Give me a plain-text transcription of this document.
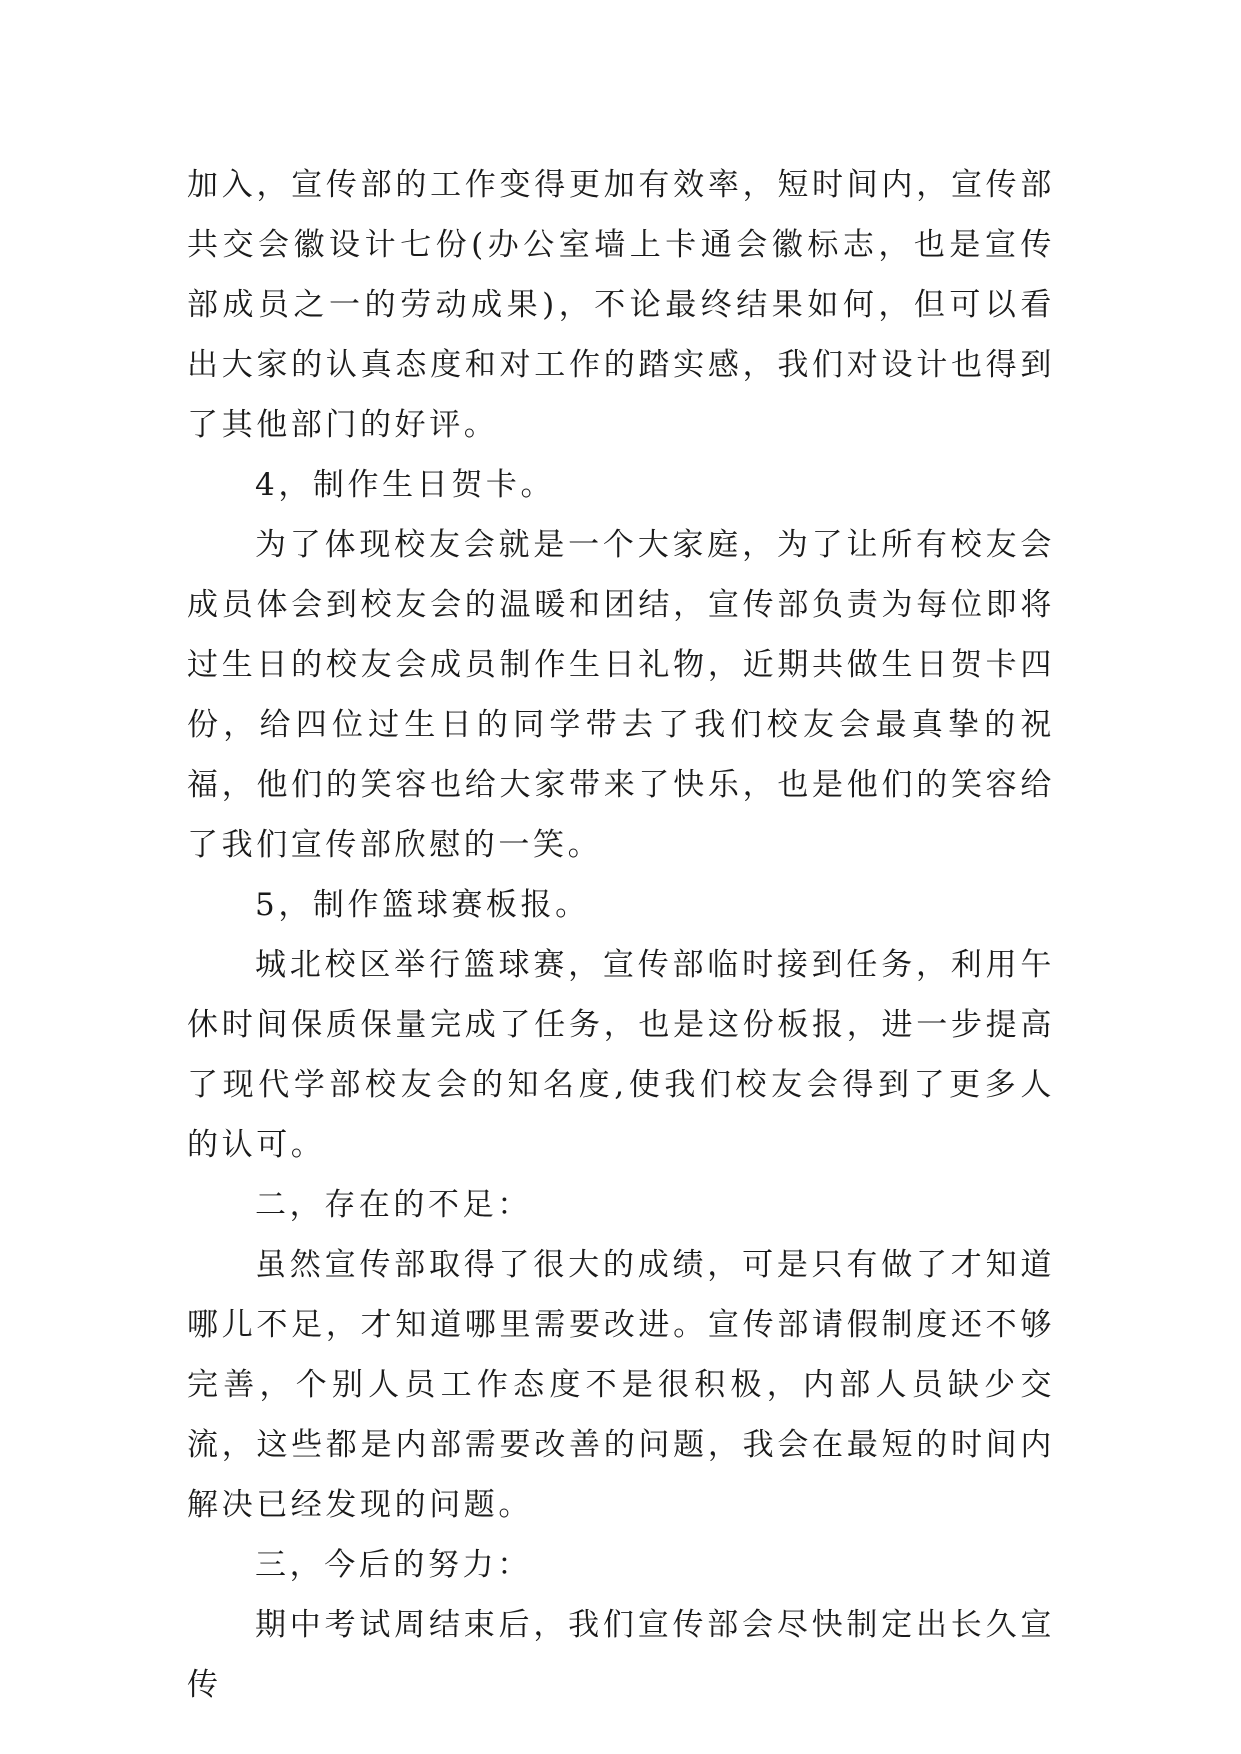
加入，宣传部的工作变得更加有效率，短时间内，宣传部共交会徽设计七份(办公室墙上卡通会徽标志，也是宣传部成员之一的劳动成果)，不论最终结果如何，但可以看出大家的认真态度和对工作的踏实感，我们对设计也得到了其他部门的好评。

4，制作生日贺卡。

为了体现校友会就是一个大家庭，为了让所有校友会成员体会到校友会的温暖和团结，宣传部负责为每位即将过生日的校友会成员制作生日礼物，近期共做生日贺卡四份，给四位过生日的同学带去了我们校友会最真挚的祝福，他们的笑容也给大家带来了快乐，也是他们的笑容给了我们宣传部欣慰的一笑。

5，制作篮球赛板报。

城北校区举行篮球赛，宣传部临时接到任务，利用午休时间保质保量完成了任务，也是这份板报，进一步提高了现代学部校友会的知名度,使我们校友会得到了更多人的认可。

二，存在的不足：

虽然宣传部取得了很大的成绩，可是只有做了才知道哪儿不足，才知道哪里需要改进。宣传部请假制度还不够完善，个别人员工作态度不是很积极，内部人员缺少交流，这些都是内部需要改善的问题，我会在最短的时间内解决已经发现的问题。

三，今后的努力：

期中考试周结束后，我们宣传部会尽快制定出长久宣传
